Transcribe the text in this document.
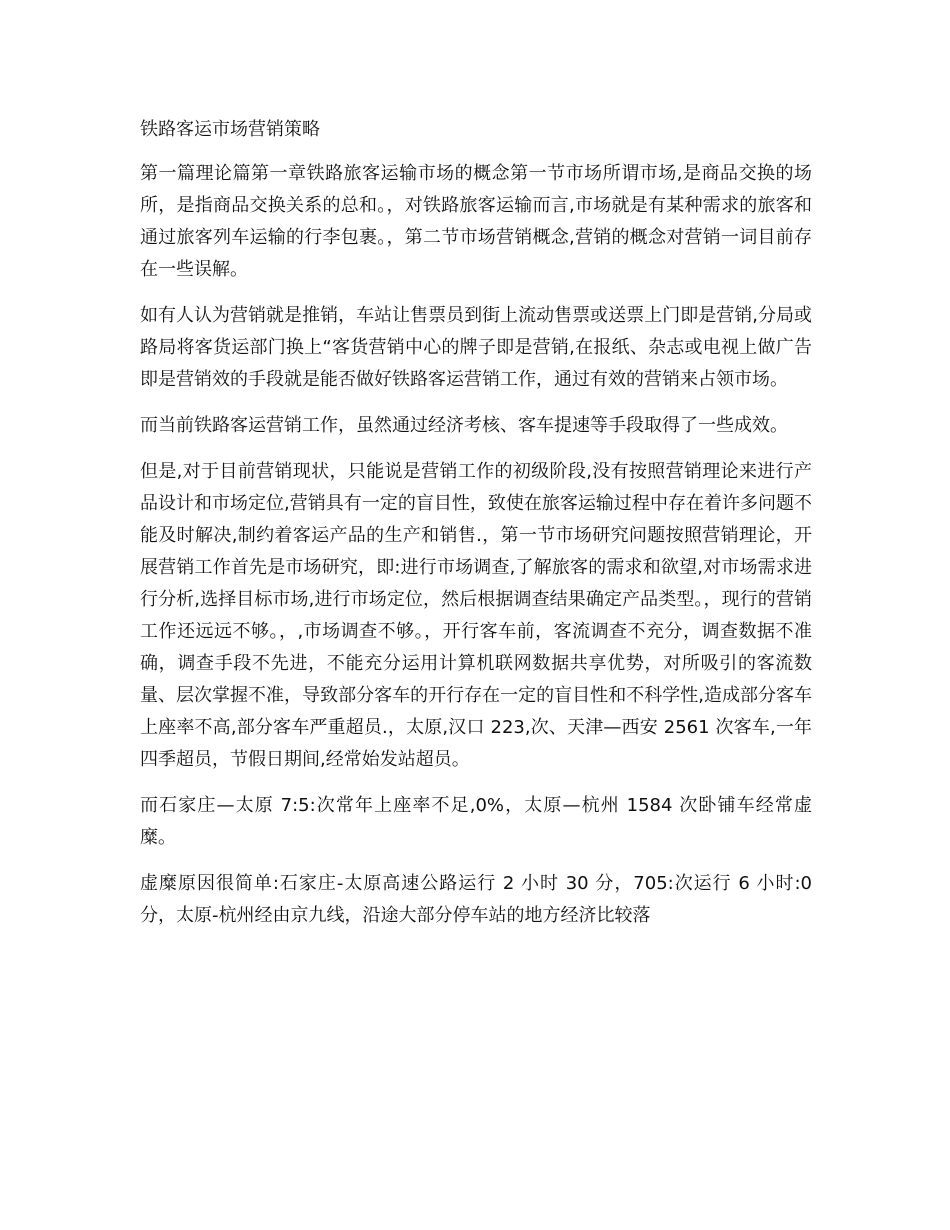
铁路客运市场营销策略

第一篇理论篇第一章铁路旅客运输市场的概念第一节市场所谓市场,是商品交换的场所，是指商品交换关系的总和。，对铁路旅客运输而言,市场就是有某种需求的旅客和通过旅客列车运输的行李包裹。，第二节市场营销概念,营销的概念对营销一词目前存在一些误解。

如有人认为营销就是推销，车站让售票员到街上流动售票或送票上门即是营销,分局或路局将客货运部门换上“客货营销中心的牌子即是营销,在报纸、杂志或电视上做广告即是营销效的手段就是能否做好铁路客运营销工作，通过有效的营销来占领市场。

而当前铁路客运营销工作，虽然通过经济考核、客车提速等手段取得了一些成效。

但是,对于目前营销现状，只能说是营销工作的初级阶段,没有按照营销理论来进行产品设计和市场定位,营销具有一定的盲目性，致使在旅客运输过程中存在着许多问题不能及时解决,制约着客运产品的生产和销售.，第一节市场研究问题按照营销理论，开展营销工作首先是市场研究，即:进行市场调查,了解旅客的需求和欲望,对市场需求进行分析,选择目标市场,进行市场定位，然后根据调查结果确定产品类型。，现行的营销工作还远远不够。，,市场调查不够。，开行客车前，客流调查不充分，调查数据不准确，调查手段不先进，不能充分运用计算机联网数据共享优势，对所吸引的客流数量、层次掌握不准，导致部分客车的开行存在一定的盲目性和不科学性,造成部分客车上座率不高,部分客车严重超员.，太原,汉口 223,次、天津—西安 2561 次客车,一年四季超员，节假日期间,经常始发站超员。

而石家庄—太原 7:5:次常年上座率不足,0%，太原—杭州 1584 次卧铺车经常虚糜。

虚糜原因很简单:石家庄-太原高速公路运行 2 小时 30 分，705:次运行 6 小时:0 分，太原-杭州经由京九线，沿途大部分停车站的地方经济比较落
